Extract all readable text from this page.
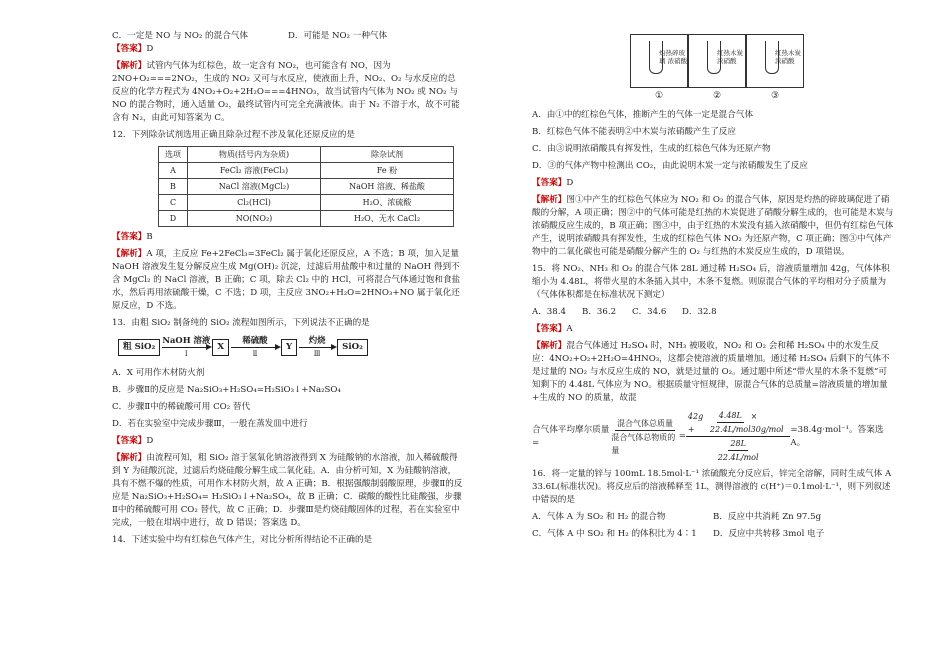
C．一定是 NO 与 NO₂ 的混合气体	D．可能是 NO₂ 一种气体

【答案】D

【解析】试管内气体为红棕色，故一定含有 NO₂，也可能含有 NO，因为 2NO+O₂===2NO₂，生成的 NO₂ 又可与水反应，使液面上升，NO₂、O₂ 与水反应的总反应的化学方程式为 4NO₂+O₂+2H₂O===4HNO₃，故当试管内气体为 NO₂ 或 NO₂ 与 NO 的混合物时，通入适量 O₂，最终试管内可完全充满液体。由于 N₂ 不溶于水，故不可能含有 N₂，由此可知答案为 C。

12．下列除杂试剂选用正确且除杂过程不涉及氧化还原反应的是

选项	物质(括号内为杂质)	除杂试剂
A	FeCl₂ 溶液(FeCl₃)	Fe 粉
B	NaCl 溶液(MgCl₂)	NaOH 溶液、稀盐酸
C	Cl₂(HCl)	H₂O、浓硫酸
D	NO(NO₂)	H₂O、无水 CaCl₂

【答案】B

【解析】A 项，主反应 Fe+2FeCl₃=3FeCl₂ 属于氧化还原反应，A 不选；B 项，加入足量 NaOH 溶液发生复分解反应生成 Mg(OH)₂ 沉淀，过滤后用盐酸中和过量的 NaOH 得到不含 MgCl₂ 的 NaCl 溶液，B 正确；C 项，除去 Cl₂ 中的 HCl，可将混合气体通过饱和食盐水，然后再用浓硫酸干燥，C 不选；D 项，主反应 3NO₂+H₂O=2HNO₃+NO 属于氧化还原反应，D 不选。

13．由粗 SiO₂ 制备纯的 SiO₂ 流程如图所示，下列说法不正确的是

粗 SiO₂
NaOH 溶液
Ⅰ
X
稀硫酸
Ⅱ
Y
灼烧
Ⅲ
SiO₂

A．X 可用作木材防火剂

B．步骤Ⅱ的反应是 Na₂SiO₃+H₂SO₄=H₂SiO₃↓+Na₂SO₄

C．步骤Ⅱ中的稀硫酸可用 CO₂ 替代

D．若在实验室中完成步骤Ⅲ，一般在蒸发皿中进行

【答案】D

【解析】由流程可知，粗 SiO₂ 溶于氢氧化钠溶液得到 X 为硅酸钠的水溶液，加入稀硫酸得到 Y 为硅酸沉淀，过滤后灼烧硅酸分解生成二氧化硅。A．由分析可知，X 为硅酸钠溶液，具有不燃不爆的性质，可用作木材防火剂，故 A 正确；B．根据强酸制弱酸原理，步骤Ⅱ的反应是 Na₂SiO₃+H₂SO₄= H₂SiO₃↓+Na₂SO₄，故 B 正确；C．碳酸的酸性比硅酸强，步骤Ⅱ中的稀硫酸可用 CO₂ 替代，故 C 正确；D．步骤Ⅲ是灼烧硅酸固体的过程，若在实验室中完成，一般在坩埚中进行，故 D 错误；答案选 D。

14．下述实验中均有红棕色气体产生，对比分析所得结论不正确的是

灼热碎玻璃 浓硝酸
红热木炭 浓硝酸
红热木炭 浓硝酸
①	②	③

A．由①中的红棕色气体，推断产生的气体一定是混合气体

B．红棕色气体不能表明②中木炭与浓硝酸产生了反应

C．由③说明浓硝酸具有挥发性，生成的红棕色气体为还原产物

D．③的气体产物中检测出 CO₂，由此说明木炭一定与浓硝酸发生了反应

【答案】D

【解析】图①中产生的红棕色气体应为 NO₂ 和 O₂ 的混合气体，原因是灼热的碎玻璃促进了硝酸的分解，A 项正确；图②中的气体可能是红热的木炭促进了硝酸分解生成的，也可能是木炭与浓硝酸反应生成的，B 项正确；图③中，由于红热的木炭没有插入浓硝酸中，但仍有红棕色气体产生，说明浓硝酸具有挥发性，生成的红棕色气体 NO₂ 为还原产物，C 项正确；图③中气体产物中的二氧化碳也可能是硝酸分解产生的 O₂ 与红热的木炭反应生成的，D 项错误。

15．将 NO₂、NH₃ 和 O₂ 的混合气体 28L 通过稀 H₂SO₄ 后，溶液质量增加 42g，气体体积缩小为 4.48L，将带火星的木条插入其中，木条不复燃。则原混合气体的平均相对分子质量为（气体体积都是在标准状况下测定）

A．38.4	B．36.2	C．34.6	D．32.8

【答案】A

【解析】混合气体通过 H₂SO₄ 时，NH₃ 被吸收，NO₂ 和 O₂ 会和稀 H₂SO₄ 中的水发生反应：4NO₂+O₂+2H₂O=4HNO₃，这都会使溶液的质量增加。通过稀 H₂SO₄ 后剩下的气体不是过量的 NO₂ 与水反应生成的 NO，就是过量的 O₂。通过题中所述“带火星的木条不复燃”可知剩下的 4.48L 气体应为 NO。根据质量守恒规律，原混合气体的总质量=溶液质量的增加量+生成的 NO 的质量，故混

合气体平均摩尔质量=	$\frac{\text{混合气体总质量}}{\text{混合气体总物质的量}}$ =
42g +	$\frac{4.48L}{\text{22.4L/mol}} \times 30g/mol$
$\frac{28L}{\text{22.4L/mol}}$
=38.4g·mol⁻¹。答案选 A。

16．将一定量的锌与 100mL 18.5mol·L⁻¹ 浓硫酸充分反应后，锌完全溶解，同时生成气体 A 33.6L(标准状况)。将反应后的溶液稀释至 1L，测得溶液的 c(H⁺)＝0.1mol·L⁻¹，则下列叙述中错误的是

A．气体 A 为 SO₂ 和 H₂ 的混合物	B．反应中共消耗 Zn 97.5g
C．气体 A 中 SO₂ 和 H₂ 的体积比为 4∶1	D．反应中共转移 3mol 电子
